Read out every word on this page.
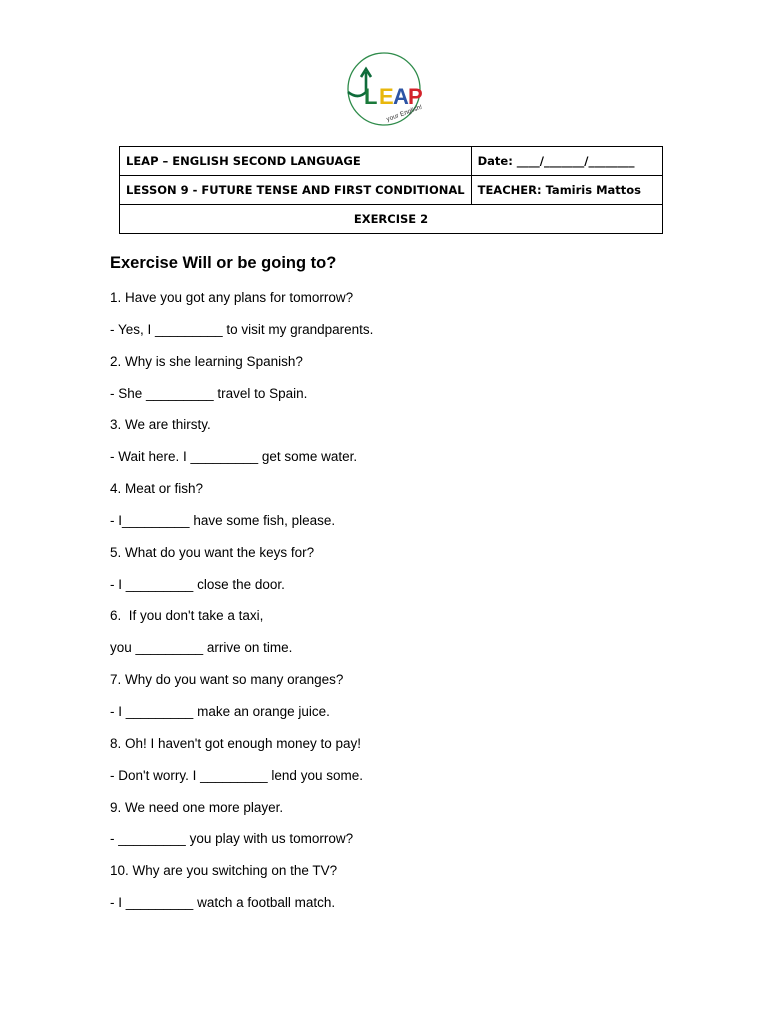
L E A P
your English!
LEAP – ENGLISH SECOND LANGUAGE	Date: ____/_______/________
LESSON 9 - FUTURE TENSE AND FIRST CONDITIONAL	TEACHER: Tamiris Mattos
EXERCISE 2	
Exercise Will or be going to?
1. Have you got any plans for tomorrow?
- Yes, I _________ to visit my grandparents.
2. Why is she learning Spanish?
- She _________ travel to Spain.
3. We are thirsty.
- Wait here. I _________ get some water.
4. Meat or fish?
- I_________ have some fish, please.
5. What do you want the keys for?
- I _________ close the door.
6.  If you don't take a taxi,
you _________ arrive on time.
7. Why do you want so many oranges?
- I _________ make an orange juice.
8. Oh! I haven't got enough money to pay!
- Don't worry. I _________ lend you some.
9. We need one more player.
- _________ you play with us tomorrow?
10. Why are you switching on the TV?
- I _________ watch a football match.
